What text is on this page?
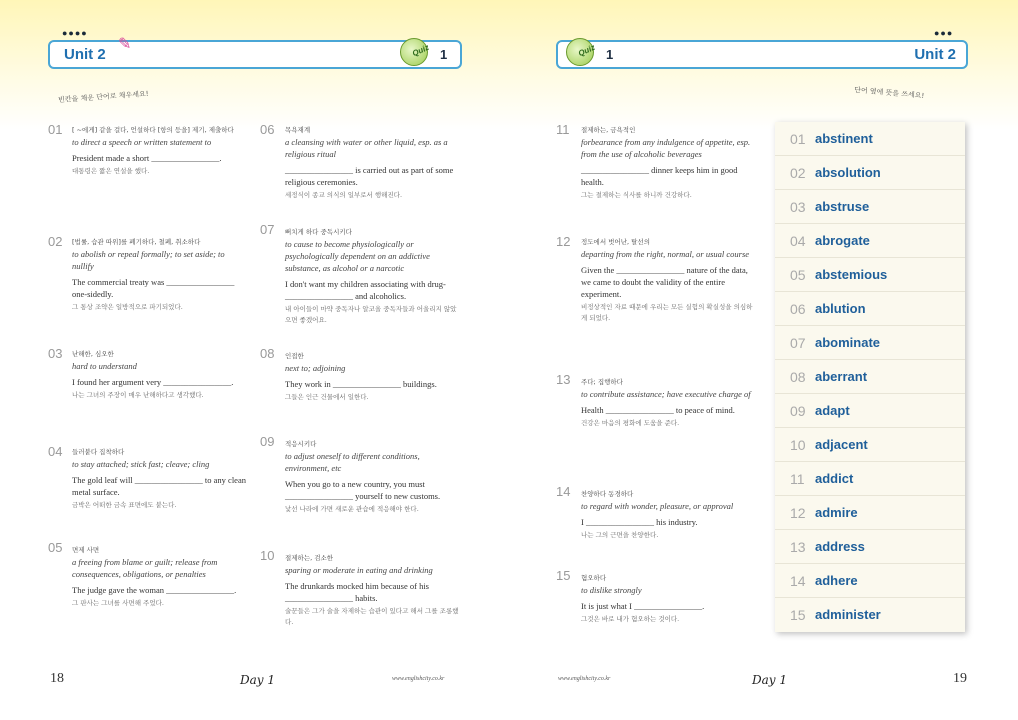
●●●●
Unit 2
✎	Quiz 1
빈칸을 채운 단어로 채우세요!
●●●
Quiz 1	Unit 2
단어 옆에 뜻을 쓰세요!
01 [ ~에게] 같을 걸다, 언설하다 [항의 등을] 제기, 제출하다
to direct a speech or written statement to
President made a short ________________.
대통령은 짧은 연설을 했다.
02 [법률, 습관 따위]를 폐기하다, 철폐, 취소하다
to abolish or repeal formally; to set aside; to nullify
The commercial treaty was ________________ one-sidedly.
그 통상 조약은 일방적으로 파기되었다.
03 난해한, 심오한
hard to understand
I found her argument very ________________.
나는 그녀의 주장이 매우 난해하다고 생각했다.
04 들러붙다 집착하다
to stay attached; stick fast; cleave; cling
The gold leaf will ________________ to any clean metal surface.
금박은 어떠한 금속 표면에도 붙는다.
05 면제 사면
a freeing from blame or guilt; release from consequences, obligations, or penalties
The judge gave the woman ________________.
그 판사는 그녀를 사면해 주었다.
06 목욕재계
a cleansing with water or other liquid, esp. as a religious ritual
________________ is carried out as part of some religious ceremonies.
세정식이 종교 의식의 일부로서 행해진다.
07 뻐치게 하다 중독시키다
to cause to become physiologically or psychologically dependent on an addictive substance, as alcohol or a narcotic
I don't want my children associating with drug-________________ and alcoholics.
내 아이들이 마약 중독자나 알코올 중독자들과 어울리지 않았으면 좋겠어요.
08 인접한
next to; adjoining
They work in ________________ buildings.
그들은 인근 건물에서 일한다.
09 적응시키다
to adjust oneself to different conditions, environment, etc
When you go to a new country, you must ________________ yourself to new customs.
낯선 나라에 가면 새로운 관습에 적응해야 한다.
10 절제하는, 검소한
sparing or moderate in eating and drinking
The drunkards mocked him because of his ________________ habits.
술꾼들은 그가 술을 자제하는 습관이 있다고 해서 그를 조롱했다.
11 절제하는, 금욕적인
forbearance from any indulgence of appetite, esp. from the use of alcoholic beverages
________________ dinner keeps him in good health.
그는 절제하는 식사를 하니까 건강하다.
12 정도에서 벗어난, 탈선의
departing from the right, normal, or usual course
Given the ________________ nature of the data, we came to doubt the validity of the entire experiment.
비정상적인 자료 때문에 우리는 모든 실험의 확실성을 의심하게 되었다.
13 주다; 집행하다
to contribute assistance; have executive charge of
Health ________________ to peace of mind.
건강은 마음의 평화에 도움을 준다.
14 찬양하다 동경하다
to regard with wonder, pleasure, or approval
I ________________ his industry.
나는 그의 근면을 찬양한다.
15 혐오하다
to dislike strongly
It is just what I ________________.
그것은 바로 내가 혐오하는 것이다.
01 abstinent
02 absolution
03 abstruse
04 abrogate
05 abstemious
06 ablution
07 abominate
08 aberrant
09 adapt
10 adjacent
11 addict
12 admire
13 address
14 adhere
15 administer
18	Day 1	www.englishcity.co.kr	www.englishcity.co.kr	Day 1	19
